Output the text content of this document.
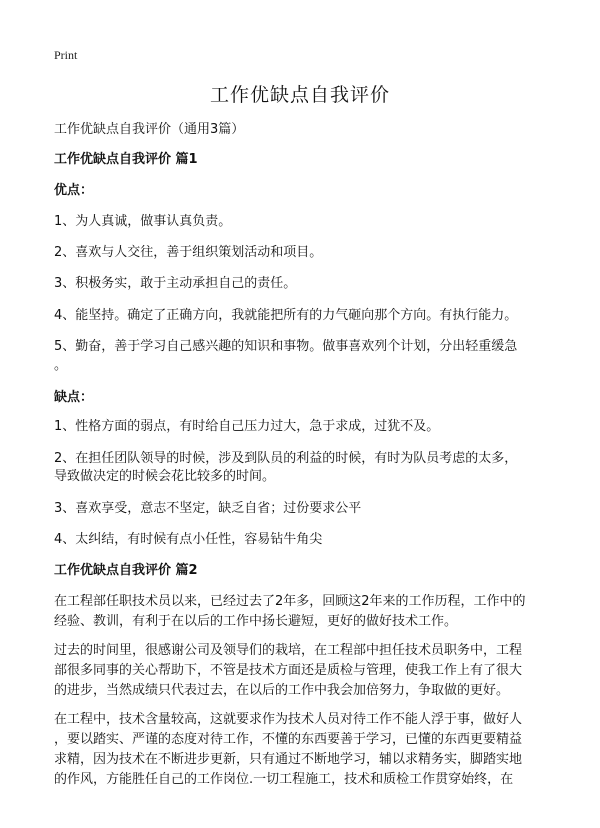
Print
工作优缺点自我评价
工作优缺点自我评价（通用3篇）
工作优缺点自我评价 篇1
优点：
1、为人真诚，做事认真负责。
2、喜欢与人交往，善于组织策划活动和项目。
3、积极务实，敢于主动承担自己的责任。
4、能坚持。确定了正确方向，我就能把所有的力气砸向那个方向。有执行能力。
5、勤奋，善于学习自己感兴趣的知识和事物。做事喜欢列个计划，分出轻重缓急
。
缺点：
1、性格方面的弱点，有时给自己压力过大，急于求成，过犹不及。
2、在担任团队领导的时候，涉及到队员的利益的时候，有时为队员考虑的太多，
导致做决定的时候会花比较多的时间。
3、喜欢享受，意志不坚定，缺乏自省；过份要求公平
4、太纠结，有时候有点小任性，容易钻牛角尖
工作优缺点自我评价 篇2
在工程部任职技术员以来，已经过去了2年多，回顾这2年来的工作历程，工作中的
经验、教训，有利于在以后的工作中扬长避短，更好的做好技术工作。
过去的时间里，很感谢公司及领导们的栽培，在工程部中担任技术员职务中，工程
部很多同事的关心帮助下，不管是技术方面还是质检与管理，使我工作上有了很大
的进步，当然成绩只代表过去，在以后的工作中我会加倍努力，争取做的更好。
在工程中，技术含量较高，这就要求作为技术人员对待工作不能人浮于事，做好人
，要以踏实、严谨的态度对待工作，不懂的东西要善于学习，已懂的东西更要精益
求精，因为技术在不断进步更新，只有通过不断地学习，辅以求精务实，脚踏实地
的作风，方能胜任自己的工作岗位.一切工程施工，技术和质检工作贯穿始终，在
